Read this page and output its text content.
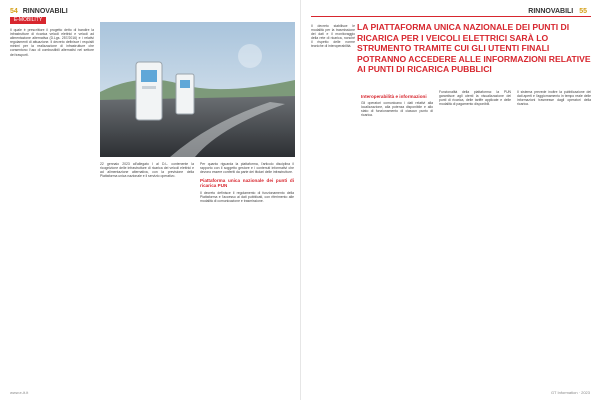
54 RINNOVABILI
E-MOBILITY
Il quale è prescrittore il progetto detto di bandire la infrastrutture di ricarica veicoli elettrici e veicoli ad alimentazione alternativa (D.Lgs. 257/2016) e i relativi regolamenti di attuazione. Il decreto definisce i requisiti minimi per la realizzazione di infrastrutture che consentono l'uso di combustibili alternativi nel settore dei trasporti.
22 gennaio 2023 all'allegato I al D.L. contenente la ricognizione delle infrastrutture di ricarica dei veicoli elettrici e ad alimentazione alternativa, con la previsione della Piattaforma unica nazionale e il servizio operativo.
Per quanto riguarda la piattaforma, l'articolo disciplina il rapporto con il soggetto gestore e i contenuti informativi che devono essere conferiti da parte dei titolari delle infrastrutture.
Piattaforma unica nazionale dei punti di ricarica PUN
Il decreto definisce il regolamento di funzionamento della Piattaforma e l'accesso ai dati pubblicati, con riferimento alle modalità di comunicazione e trasmissione.
www.e-it.it
RINNOVABILI 55
LA PIATTAFORMA UNICA NAZIONALE DEI PUNTI DI RICARICA PER I VEICOLI ELETTRICI SARÀ LO STRUMENTO TRAMITE CUI GLI UTENTI FINALI POTRANNO ACCEDERE ALLE INFORMAZIONI RELATIVE AI PUNTI DI RICARICA PUBBLICI
Il decreto stabilisce le modalità per la trasmissione dei dati e il monitoraggio della rete di ricarica, nonché il rispetto delle norme tecniche di interoperabilità.
Interoperabilità e informazioni
Gli operatori comunicano i dati relativi alla localizzazione, alla potenza disponibile e allo stato di funzionamento di ciascun punto di ricarica.
Funzionalità della piattaforma: la PUN garantisce agli utenti la visualizzazione dei punti di ricarica, delle tariffe applicate e delle modalità di pagamento disponibili.
Il sistema prevede inoltre la pubblicazione dei dati aperti e l'aggiornamento in tempo reale delle informazioni trasmesse dagli operatori della ricarica.
GT Information · 2023
